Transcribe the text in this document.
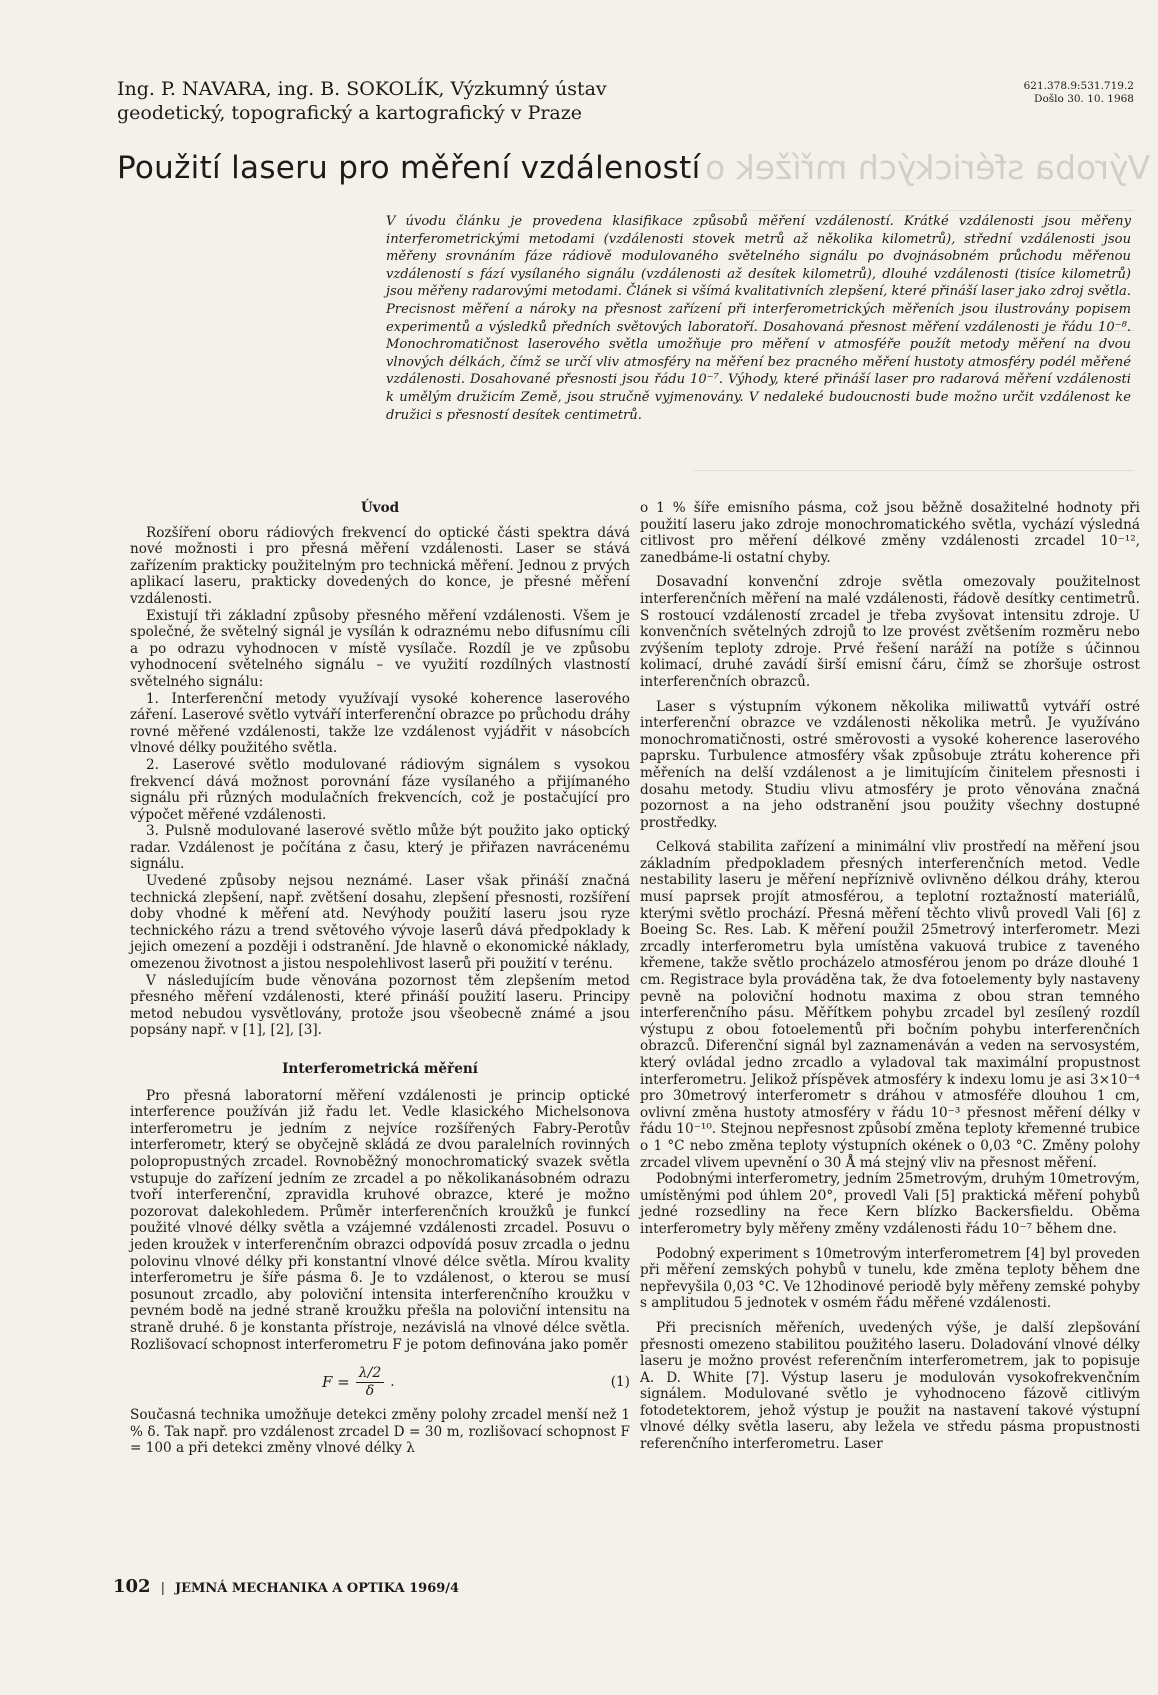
Výroba sférických mřížek o
Ing. P. NAVARA, ing. B. SOKOLÍK, Výzkumný ústav geodetický, topografický a kartografický v Praze
621.378.9:531.719.2
Došlo 30. 10. 1968
Použití laseru pro měření vzdáleností
V úvodu článku je provedena klasifikace způsobů měření vzdáleností. Krátké vzdálenosti jsou měřeny interferometrickými metodami (vzdálenosti stovek metrů až několika kilometrů), střední vzdálenosti jsou měřeny srovnáním fáze rádiově modulovaného světelného signálu po dvojnásobném průchodu měřenou vzdáleností s fází vysílaného signálu (vzdálenosti až desítek kilometrů), dlouhé vzdálenosti (tisíce kilometrů) jsou měřeny radarovými metodami. Článek si všímá kvalitativních zlepšení, které přináší laser jako zdroj světla. Precisnost měření a nároky na přesnost zařízení při interferometrických měřeních jsou ilustrovány popisem experimentů a výsledků předních světových laboratoří. Dosahovaná přesnost měření vzdálenosti je řádu 10⁻⁸. Monochromatičnost laserového světla umožňuje pro měření v atmosféře použít metody měření na dvou vlnových délkách, čímž se určí vliv atmosféry na měření bez pracného měření hustoty atmosféry podél měřené vzdálenosti. Dosahované přesnosti jsou řádu 10⁻⁷. Výhody, které přináší laser pro radarová měření vzdálenosti k umělým družicím Země, jsou stručně vyjmenovány. V nedaleké budoucnosti bude možno určit vzdálenost ke družici s přesností desítek centimetrů.
Úvod

Rozšíření oboru rádiových frekvencí do optické části spektra dává nové možnosti i pro přesná měření vzdálenosti. Laser se stává zařízením prakticky použitelným pro technická měření. Jednou z prvých aplikací laseru, prakticky dovedených do konce, je přesné měření vzdálenosti.

Existují tři základní způsoby přesného měření vzdálenosti. Všem je společné, že světelný signál je vysílán k odraznému nebo difusnímu cíli a po odrazu vyhodnocen v místě vysílače. Rozdíl je ve způsobu vyhodnocení světelného signálu – ve využití rozdílných vlastností světelného signálu:

1. Interferenční metody využívají vysoké koherence laserového záření. Laserové světlo vytváří interferenční obrazce po průchodu dráhy rovné měřené vzdálenosti, takže lze vzdálenost vyjádřit v násobcích vlnové délky použitého světla.

2. Laserové světlo modulované rádiovým signálem s vysokou frekvencí dává možnost porovnání fáze vysílaného a přijímaného signálu při různých modulačních frekvencích, což je postačující pro výpočet měřené vzdálenosti.

3. Pulsně modulované laserové světlo může být použito jako optický radar. Vzdálenost je počítána z času, který je přiřazen navrácenému signálu.

Uvedené způsoby nejsou neznámé. Laser však přináší značná technická zlepšení, např. zvětšení dosahu, zlepšení přesnosti, rozšíření doby vhodné k měření atd. Nevýhody použití laseru jsou ryze technického rázu a trend světového vývoje laserů dává předpoklady k jejich omezení a později i odstranění. Jde hlavně o ekonomické náklady, omezenou životnost a jistou nespolehlivost laserů při použití v terénu.

V následujícím bude věnována pozornost těm zlepšením metod přesného měření vzdálenosti, které přináší použití laseru. Principy metod nebudou vysvětlovány, protože jsou všeobecně známé a jsou popsány např. v [1], [2], [3].

Interferometrická měření

Pro přesná laboratorní měření vzdálenosti je princip optické interference používán již řadu let. Vedle klasického Michelsonova interferometru je jedním z nejvíce rozšířených Fabry-Perotův interferometr, který se obyčejně skládá ze dvou paralelních rovinných polopropustných zrcadel. Rovnoběžný monochromatický svazek světla vstupuje do zařízení jedním ze zrcadel a po několikanásobném odrazu tvoří interferenční, zpravidla kruhové obrazce, které je možno pozorovat dalekohledem. Průměr interferenčních kroužků je funkcí použité vlnové délky světla a vzájemné vzdálenosti zrcadel. Posuvu o jeden kroužek v interferenčním obrazci odpovídá posuv zrcadla o jednu polovinu vlnové délky při konstantní vlnové délce světla. Mírou kvality interferometru je šíře pásma δ. Je to vzdálenost, o kterou se musí posunout zrcadlo, aby poloviční intensita interferenčního kroužku v pevném bodě na jedné straně kroužku přešla na poloviční intensitu na straně druhé. δ je konstanta přístroje, nezávislá na vlnové délce světla. Rozlišovací schopnost interferometru F je potom definována jako poměr

$F = \frac{\lambda/2}{\delta}$ .	(1)

Současná technika umožňuje detekci změny polohy zrcadel menší než 1 % δ. Tak např. pro vzdálenost zrcadel D = 30 m, rozlišovací schopnost F = 100 a při detekci změny vlnové délky λ

o 1 % šíře emisního pásma, což jsou běžně dosažitelné hodnoty při použití laseru jako zdroje monochromatického světla, vychází výsledná citlivost pro měření délkové změny vzdálenosti zrcadel 10⁻¹², zanedbáme-li ostatní chyby.

Dosavadní konvenční zdroje světla omezovaly použitelnost interferenčních měření na malé vzdálenosti, řádově desítky centimetrů. S rostoucí vzdáleností zrcadel je třeba zvyšovat intensitu zdroje. U konvenčních světelných zdrojů to lze provést zvětšením rozměru nebo zvýšením teploty zdroje. Prvé řešení naráží na potíže s účinnou kolimací, druhé zavádí širší emisní čáru, čímž se zhoršuje ostrost interferenčních obrazců.

Laser s výstupním výkonem několika miliwattů vytváří ostré interferenční obrazce ve vzdálenosti několika metrů. Je využíváno monochromatičnosti, ostré směrovosti a vysoké koherence laserového paprsku. Turbulence atmosféry však způsobuje ztrátu koherence při měřeních na delší vzdálenost a je limitujícím činitelem přesnosti i dosahu metody. Studiu vlivu atmosféry je proto věnována značná pozornost a na jeho odstranění jsou použity všechny dostupné prostředky.

Celková stabilita zařízení a minimální vliv prostředí na měření jsou základním předpokladem přesných interferenčních metod. Vedle nestability laseru je měření nepříznivě ovlivněno délkou dráhy, kterou musí paprsek projít atmosférou, a teplotní roztažností materiálů, kterými světlo prochází. Přesná měření těchto vlivů provedl Vali [6] z Boeing Sc. Res. Lab. K měření použil 25metrový interferometr. Mezi zrcadly interferometru byla umístěna vakuová trubice z taveného křemene, takže světlo procházelo atmosférou jenom po dráze dlouhé 1 cm. Registrace byla prováděna tak, že dva fotoelementy byly nastaveny pevně na poloviční hodnotu maxima z obou stran temného interferenčního pásu. Měřítkem pohybu zrcadel byl zesílený rozdíl výstupu z obou fotoelementů při bočním pohybu interferenčních obrazců. Diferenční signál byl zaznamenáván a veden na servosystém, který ovládal jedno zrcadlo a vyladoval tak maximální propustnost interferometru. Jelikož příspěvek atmosféry k indexu lomu je asi 3×10⁻⁴ pro 30metrový interferometr s dráhou v atmosféře dlouhou 1 cm, ovlivní změna hustoty atmosféry v řádu 10⁻³ přesnost měření délky v řádu 10⁻¹⁰. Stejnou nepřesnost způsobí změna teploty křemenné trubice o 1 °C nebo změna teploty výstupních okének o 0,03 °C. Změny polohy zrcadel vlivem upevnění o 30 Å má stejný vliv na přesnost měření.

Podobnými interferometry, jedním 25metrovým, druhým 10metrovým, umístěnými pod úhlem 20°, provedl Vali [5] praktická měření pohybů jedné rozsedliny na řece Kern blízko Backersfieldu. Oběma interferometry byly měřeny změny vzdálenosti řádu 10⁻⁷ během dne.

Podobný experiment s 10metrovým interferometrem [4] byl proveden při měření zemských pohybů v tunelu, kde změna teploty během dne nepřevyšila 0,03 °C. Ve 12hodinové periodě byly měřeny zemské pohyby s amplitudou 5 jednotek v osmém řádu měřené vzdálenosti.

Při precisních měřeních, uvedených výše, je další zlepšování přesnosti omezeno stabilitou použitého laseru. Doladování vlnové délky laseru je možno provést referenčním interferometrem, jak to popisuje A. D. White [7]. Výstup laseru je modulován vysokofrekvenčním signálem. Modulované světlo je vyhodnoceno fázově citlivým fotodetektorem, jehož výstup je použit na nastavení takové výstupní vlnové délky světla laseru, aby ležela ve středu pásma propustnosti referenčního interferometru. Laser

102 | JEMNÁ MECHANIKA A OPTIKA 1969/4
